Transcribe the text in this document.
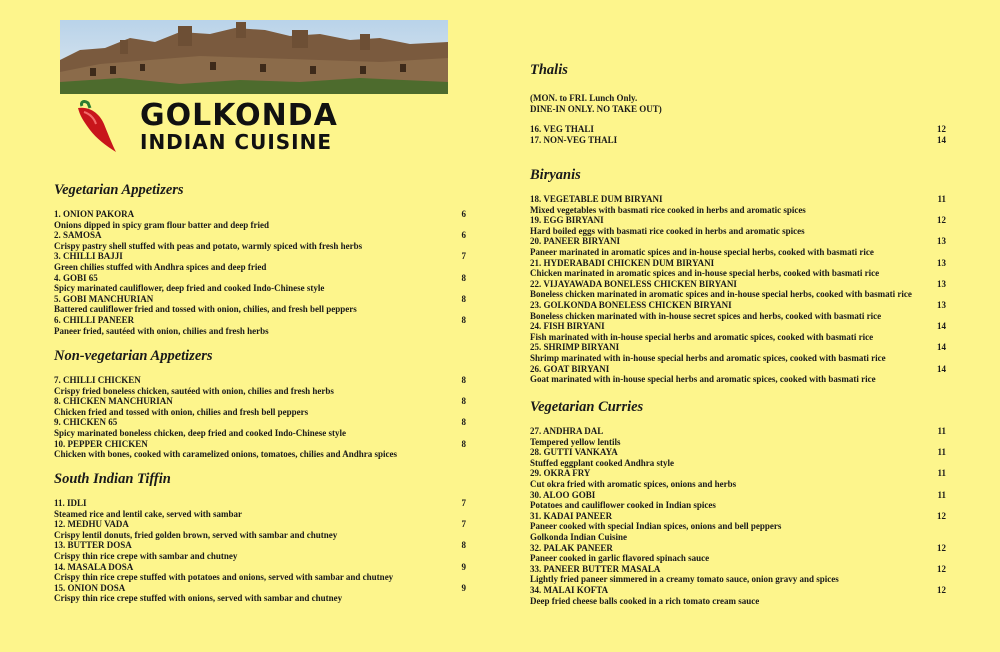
GOLKONDA
INDIAN CUISINE
Vegetarian Appetizers
1. ONION PAKORA	6
Onions dipped in spicy gram flour batter and deep fried
2. SAMOSA	6
Crispy pastry shell stuffed with peas and potato, warmly spiced with fresh herbs
3. CHILLI BAJJI	7
Green chilies stuffed with Andhra spices and deep fried
4. GOBI 65	8
Spicy marinated cauliflower, deep fried and cooked Indo-Chinese style
5. GOBI MANCHURIAN	8
Battered cauliflower fried and tossed with onion, chilies, and fresh bell peppers
6. CHILLI PANEER	8
Paneer fried, sautéed with onion, chilies and fresh herbs
Non-vegetarian Appetizers
7. CHILLI CHICKEN	8
Crispy fried boneless chicken, sautéed with onion, chilies and fresh herbs
8. CHICKEN MANCHURIAN	8
Chicken fried and tossed with onion, chilies and fresh bell peppers
9. CHICKEN 65	8
Spicy marinated boneless chicken, deep fried and cooked Indo-Chinese style
10. PEPPER CHICKEN	8
Chicken with bones, cooked with caramelized onions, tomatoes, chilies and Andhra spices
South Indian Tiffin
11. IDLI	7
Steamed rice and lentil cake, served with sambar
12. MEDHU VADA	7
Crispy lentil donuts, fried golden brown, served with sambar and chutney
13. BUTTER DOSA	8
Crispy thin rice crepe with sambar and chutney
14. MASALA DOSA	9
Crispy thin rice crepe stuffed with potatoes and onions, served with sambar and chutney
15. ONION DOSA	9
Crispy thin rice crepe stuffed with onions, served with sambar and chutney
Thalis
(MON. to FRI. Lunch Only.
DINE-IN ONLY. NO TAKE OUT)
16. VEG THALI	12
17. NON-VEG THALI	14
Biryanis
18. VEGETABLE DUM BIRYANI	11
Mixed vegetables with basmati rice cooked in herbs and aromatic spices
19. EGG BIRYANI	12
Hard boiled eggs with basmati rice cooked in herbs and aromatic spices
20. PANEER BIRYANI	13
Paneer marinated in aromatic spices and in-house special herbs, cooked with basmati rice
21. HYDERABADI CHICKEN DUM BIRYANI	13
Chicken marinated in aromatic spices and in-house special herbs, cooked with basmati rice
22. VIJAYAWADA BONELESS CHICKEN BIRYANI	13
Boneless chicken marinated in aromatic spices and in-house special herbs, cooked with basmati rice
23. GOLKONDA BONELESS CHICKEN BIRYANI	13
Boneless chicken marinated with in-house secret spices and herbs, cooked with basmati rice
24. FISH BIRYANI	14
Fish marinated with in-house special herbs and aromatic spices, cooked with basmati rice
25. SHRIMP BIRYANI	14
Shrimp marinated with in-house special herbs and aromatic spices, cooked with basmati rice
26. GOAT BIRYANI	14
Goat marinated with in-house special herbs and aromatic spices, cooked with basmati rice
Vegetarian Curries
27. ANDHRA DAL	11
Tempered yellow lentils
28. GUTTI VANKAYA	11
Stuffed eggplant cooked Andhra style
29. OKRA FRY	11
Cut okra fried with aromatic spices, onions and herbs
30. ALOO GOBI	11
Potatoes and cauliflower cooked in Indian spices
31. KADAI PANEER	12
Paneer cooked with special Indian spices, onions and bell peppers
Golkonda Indian Cuisine
32. PALAK PANEER	12
Paneer cooked in garlic flavored spinach sauce
33. PANEER BUTTER MASALA	12
Lightly fried paneer simmered in a creamy tomato sauce, onion gravy and spices
34. MALAI KOFTA	12
Deep fried cheese balls cooked in a rich tomato cream sauce
